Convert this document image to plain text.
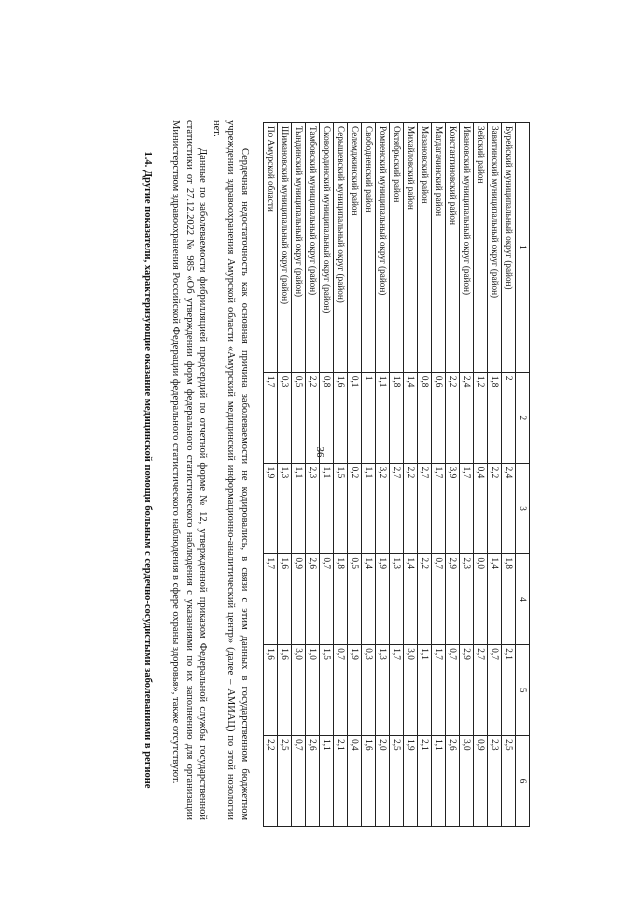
36
1	2	3	4	5	6
Бурейский муниципальный округ (район)	2	2,4	1,8	2,1	2,5
Завитинский муниципальный округ (район)	1,8	2,2	1,4	0,7	2,3
Зейский район	1,2	0,4	0,0	2,7	0,9
Ивановский муниципальный округ (район)	2,4	1,7	2,3	2,9	3,0
Константиновский район	2,2	3,9	2,9	0,7	2,6
Магдагачинский район	0,6	1,7	0,7	1,7	1,1
Мазановский район	0,8	2,7	2,2	1,1	2,1
Михайловский район	1,4	2,2	1,4	3,0	1,9
Октябрьский район	1,8	2,7	1,3	1,7	2,5
Ромненский муниципальный округ (район)	1,1	3,2	1,9	1,3	2,0
Свободненский район	1	1,1	1,4	0,3	1,6
Селемджинский район	0,1	0,2	0,5	1,9	0,4
Серышевский муниципальный округ (район)	1,6	1,5	1,8	0,7	2,1
Сковородинский муниципальный округ (район)	0,8	1,1	0,7	1,5	1,1
Тамбовский муниципальный округ (район)	2,2	2,3	2,6	1,0	2,6
Тындинский муниципальный округ (район)	0,5	1,1	0,9	3,0	0,7
Шимановский муниципальный округ (район)	0,3	1,3	1,6	1,6	2,5
По Амурской области	1,7	1,9	1,7	1,6	2,2

Сердечная недостаточность как основная причина заболеваемости не кодировались, в связи с этим данных в государственном бюджетном учреждении здравоохранения Амурской области «Амурский медицинский информационно-аналитический центр» (далее – АМИАЦ) по этой нозологии нет.

Данные по заболеваемости фибрилляцией предсердий по отчетной форме № 12, утвержденной приказом Федеральной службы государственной статистики от 27.12.2022 № 985 «Об утверждении форм федерального статистического наблюдения с указаниями по их заполнению для организации Министерством здравоохранения Российской Федерации федерального статистического наблюдения в сфере охраны здоровья», также отсутствуют.

1.4. Другие показатели, характеризующие оказание медицинской помощи больным с сердечно-сосудистыми заболеваниями в регионе
